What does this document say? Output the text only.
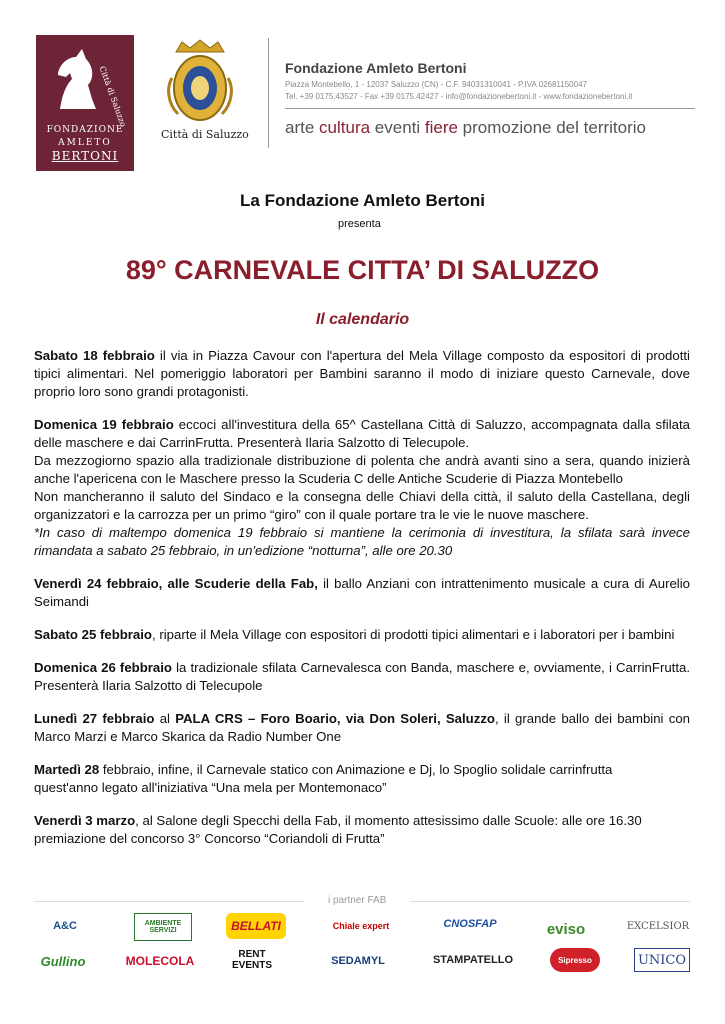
Città di Saluzzo
FONDAZIONE
AMLETO
BERTONI
Città di Saluzzo
Fondazione Amleto Bertoni
Piazza Montebello, 1 - 12037 Saluzzo (CN) - C.F. 94031310041 - P.IVA 02681150047
Tel. +39 0175.43527 - Fax +39 0175.42427 - info@fondazionebertoni.it - www.fondazionebertoni.it
arte cultura eventi fiere promozione del territorio
La Fondazione Amleto Bertoni
presenta
89° CARNEVALE CITTA’ DI SALUZZO
Il calendario

Sabato 18 febbraio il via in Piazza Cavour con l'apertura del Mela Village composto da espositori di prodotti tipici alimentari. Nel pomeriggio laboratori per Bambini saranno il modo di iniziare questo Carnevale, dove proprio loro sono grandi protagonisti.

Domenica 19 febbraio eccoci all'investitura della 65^ Castellana Città di Saluzzo, accompagnata dalla sfilata delle maschere e dai CarrinFrutta. Presenterà Ilaria Salzotto di Telecupole.
Da mezzogiorno spazio alla tradizionale distribuzione di polenta che andrà avanti sino a sera, quando inizierà anche l'apericena con le Maschere presso la Scuderia C delle Antiche Scuderie di Piazza Montebello
Non mancheranno il saluto del Sindaco e la consegna delle Chiavi della città, il saluto della Castellana, degli organizzatori e la carrozza per un primo “giro” con il quale portare tra le vie le nuove maschere.
*In caso di maltempo domenica 19 febbraio si mantiene la cerimonia di investitura, la sfilata sarà invece rimandata a sabato 25 febbraio, in un'edizione “notturna”, alle ore 20.30

Venerdì 24 febbraio, alle Scuderie della Fab, il ballo Anziani con intrattenimento musicale a cura di Aurelio Seimandi

Sabato 25 febbraio, riparte il Mela Village con espositori di prodotti tipici alimentari e i laboratori per i bambini

Domenica 26 febbraio la tradizionale sfilata Carnevalesca con Banda, maschere e, ovviamente, i CarrinFrutta. Presenterà Ilaria Salzotto di Telecupole

Lunedì 27 febbraio al PALA CRS – Foro Boario, via Don Soleri, Saluzzo, il grande ballo dei bambini con Marco Marzi e Marco Skarica da Radio Number One

Martedì 28 febbraio, infine, il Carnevale statico con Animazione e Dj, lo Spoglio solidale carrinfrutta
quest'anno legato all'iniziativa “Una mela per Montemonaco”

Venerdì 3 marzo, al Salone degli Specchi della Fab, il momento attesissimo dalle Scuole: alle ore 16.30
premiazione del concorso 3° Concorso “Coriandoli di Frutta”

i partner FAB
A&C	AMBIENTE SERVIZI	BELLATI	Chiale expert	CNOSFAP	eviso	EXCELSIOR
Gullino	MOLECOLA	RENT EVENTS	SEDAMYL	STAMPATELLO	Sipresso	UNICO
